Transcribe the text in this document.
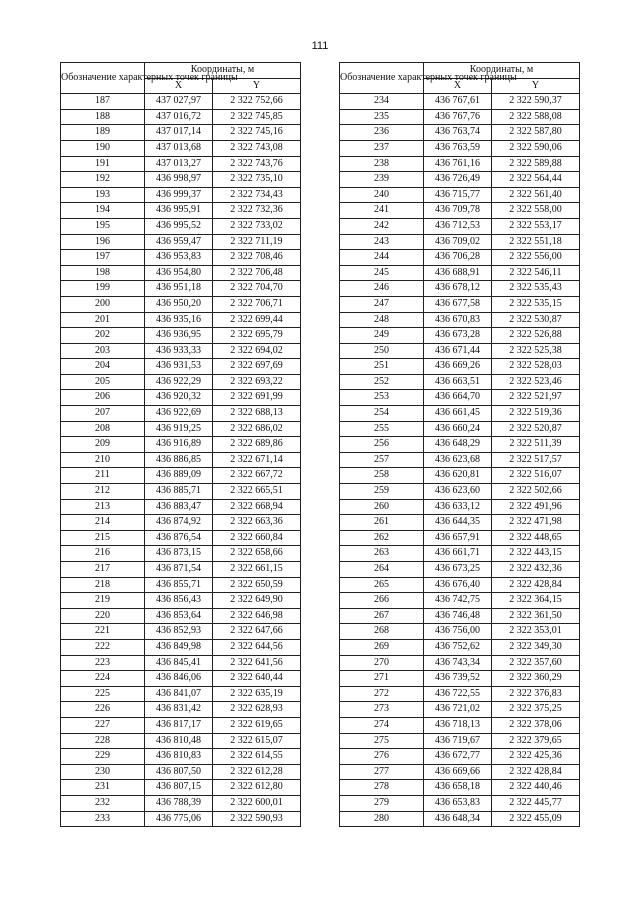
111
Обозначение характерных точек границы	Координаты, м	
	X	Y
187	437 027,97	2 322 752,66
188	437 016,72	2 322 745,85
189	437 017,14	2 322 745,16
190	437 013,68	2 322 743,08
191	437 013,27	2 322 743,76
192	436 998,97	2 322 735,10
193	436 999,37	2 322 734,43
194	436 995,91	2 322 732,36
195	436 995,52	2 322 733,02
196	436 959,47	2 322 711,19
197	436 953,83	2 322 708,46
198	436 954,80	2 322 706,48
199	436 951,18	2 322 704,70
200	436 950,20	2 322 706,71
201	436 935,16	2 322 699,44
202	436 936,95	2 322 695,79
203	436 933,33	2 322 694,02
204	436 931,53	2 322 697,69
205	436 922,29	2 322 693,22
206	436 920,32	2 322 691,99
207	436 922,69	2 322 688,13
208	436 919,25	2 322 686,02
209	436 916,89	2 322 689,86
210	436 886,85	2 322 671,14
211	436 889,09	2 322 667,72
212	436 885,71	2 322 665,51
213	436 883,47	2 322 668,94
214	436 874,92	2 322 663,36
215	436 876,54	2 322 660,84
216	436 873,15	2 322 658,66
217	436 871,54	2 322 661,15
218	436 855,71	2 322 650,59
219	436 856,43	2 322 649,90
220	436 853,64	2 322 646,98
221	436 852,93	2 322 647,66
222	436 849,98	2 322 644,56
223	436 845,41	2 322 641,56
224	436 846,06	2 322 640,44
225	436 841,07	2 322 635,19
226	436 831,42	2 322 628,93
227	436 817,17	2 322 619,65
228	436 810,48	2 322 615,07
229	436 810,83	2 322 614,55
230	436 807,50	2 322 612,28
231	436 807,15	2 322 612,80
232	436 788,39	2 322 600,01
233	436 775,06	2 322 590,93
Обозначение характерных точек границы	Координаты, м	
	X	Y
234	436 767,61	2 322 590,37
235	436 767,76	2 322 588,08
236	436 763,74	2 322 587,80
237	436 763,59	2 322 590,06
238	436 761,16	2 322 589,88
239	436 726,49	2 322 564,44
240	436 715,77	2 322 561,40
241	436 709,78	2 322 558,00
242	436 712,53	2 322 553,17
243	436 709,02	2 322 551,18
244	436 706,28	2 322 556,00
245	436 688,91	2 322 546,11
246	436 678,12	2 322 535,43
247	436 677,58	2 322 535,15
248	436 670,83	2 322 530,87
249	436 673,28	2 322 526,88
250	436 671,44	2 322 525,38
251	436 669,26	2 322 528,03
252	436 663,51	2 322 523,46
253	436 664,70	2 322 521,97
254	436 661,45	2 322 519,36
255	436 660,24	2 322 520,87
256	436 648,29	2 322 511,39
257	436 623,68	2 322 517,57
258	436 620,81	2 322 516,07
259	436 623,60	2 322 502,66
260	436 633,12	2 322 491,96
261	436 644,35	2 322 471,98
262	436 657,91	2 322 448,65
263	436 661,71	2 322 443,15
264	436 673,25	2 322 432,36
265	436 676,40	2 322 428,84
266	436 742,75	2 322 364,15
267	436 746,48	2 322 361,50
268	436 756,00	2 322 353,01
269	436 752,62	2 322 349,30
270	436 743,34	2 322 357,60
271	436 739,52	2 322 360,29
272	436 722,55	2 322 376,83
273	436 721,02	2 322 375,25
274	436 718,13	2 322 378,06
275	436 719,67	2 322 379,65
276	436 672,77	2 322 425,36
277	436 669,66	2 322 428,84
278	436 658,18	2 322 440,46
279	436 653,83	2 322 445,77
280	436 648,34	2 322 455,09
